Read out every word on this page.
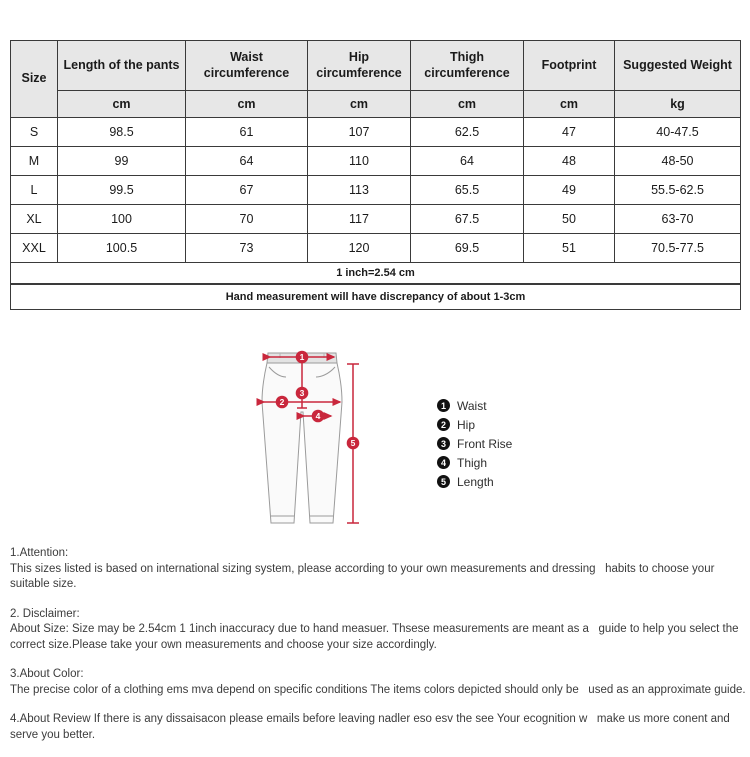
Size	Length of the pants	Waist circumference	Hip circumference	Thigh circumference	Footprint	Suggested Weight
	cm	cm	cm	cm	cm	kg
S	98.5	61	107	62.5	47	40-47.5
M	99	64	110	64	48	48-50
L	99.5	67	113	65.5	49	55.5-62.5
XL	100	70	117	67.5	50	63-70
XXL	100.5	73	120	69.5	51	70.5-77.5
1 inch=2.54 cm						
Hand measurement will have discrepancy of about 1-3cm						
1
2
3
4
5
1 Waist
2 Hip
3 Front Rise
4 Thigh
5 Length
1.Attention:
This sizes listed is based on international sizing system, please according to your own measurements and dressing   habits to choose your suitable size.
2. Disclaimer:
About Size: Size may be 2.54cm 1 1inch inaccuracy due to hand measuer. Thsese measurements are meant as a   guide to help you select the correct size.Please take your own measurements and choose your size accordingly.
3.About Color:
The precise color of a clothing ems mva depend on specific conditions The items colors depicted should only be   used as an approximate guide.
4.About Review If there is any dissaisacon please emails before leaving nadler eso esv the see Your ecognition w   make us more conent and serve you better.
